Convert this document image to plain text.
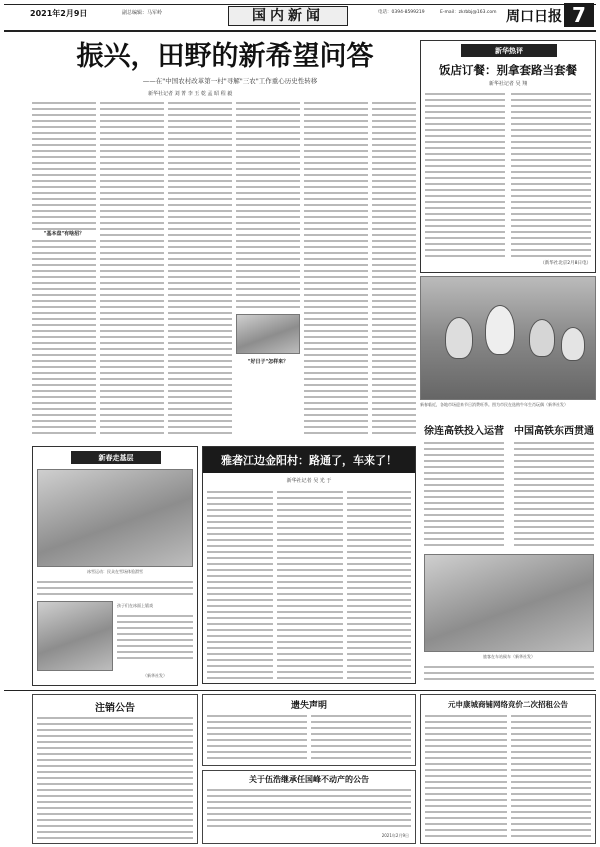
2021年2月9日	副总编辑：马军岭	国内新闻	电话：0394-8599219	E-mail：zkrbbj@163.com 周口日报 7
振兴，田野的新希望问答
——在"中国农村改革第一村"寻解"三农"工作重心历史性转移
新华社记者 刘 菁 李 玉 乾 孟 昭 程 毅
"基本盘"有啥招？
"好日子"怎样来？
新华热评
饭店订餐：别拿套路当套餐
新华社记者 吴 翔
（新华社北京2月8日电）
新春临近，各地市场迎来节日消费旺季。图为市民在选购牛年生肖玩偶（新华社发）
新春走基层
冰雪运动：民众在雪场体验滑雪
孩子们在冰面上嬉戏
（新华社发）
雅砻江边金阳村：路通了，车来了！
新华社记者 吴 光 于
徐连高铁投入运营 中国高铁东西贯通
旅客在车站候车（新华社发）
注销公告	遗失声明
关于伍浩继承任国峰不动产的公告
2021年2月9日
元申康城商铺网络竞价二次招租公告
